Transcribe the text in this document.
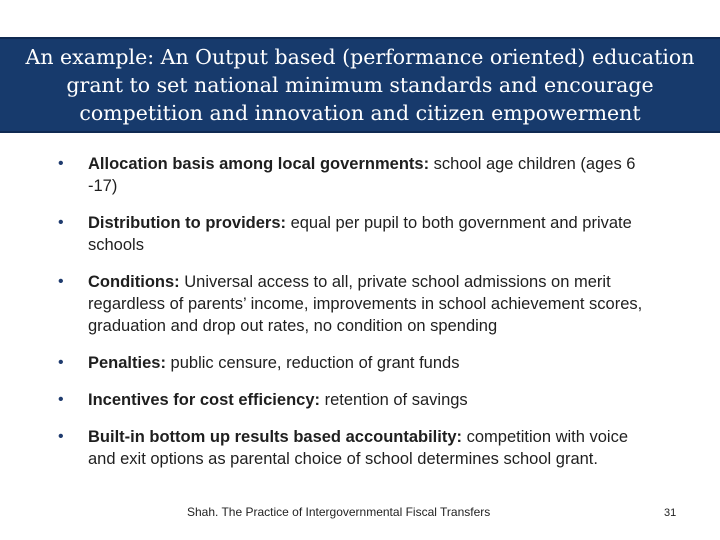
An example: An Output based (performance oriented) education grant to set national minimum standards and encourage competition and innovation and citizen empowerment
• Allocation basis among local governments: school age children (ages 6 -17)
• Distribution to providers: equal per pupil to both government and private schools
• Conditions: Universal access to all, private school admissions on merit regardless of parents’ income, improvements in school achievement scores, graduation and drop out rates, no condition on spending
• Penalties: public censure, reduction of grant funds
• Incentives for cost efficiency: retention of savings
• Built-in bottom up results based accountability: competition with voice and exit options as parental choice of school determines school grant.
Shah. The Practice of Intergovernmental Fiscal Transfers	31
